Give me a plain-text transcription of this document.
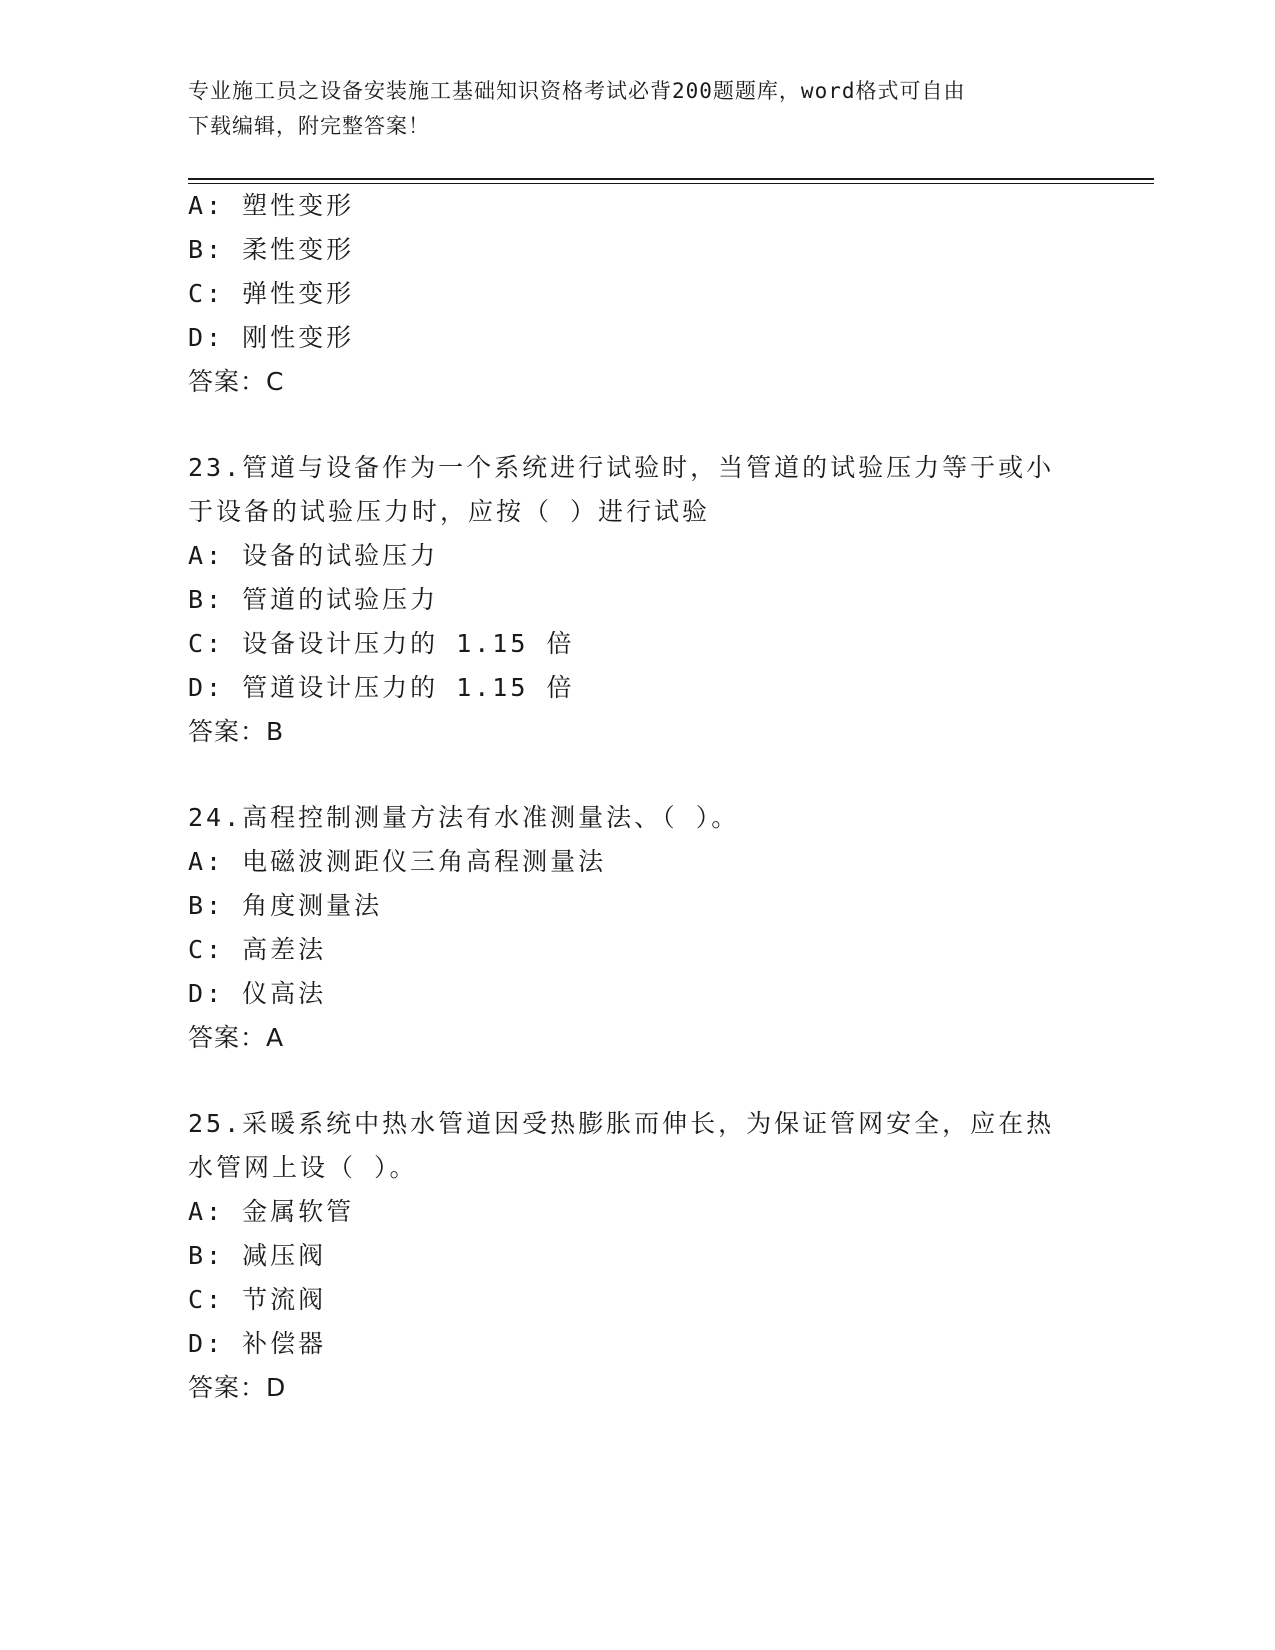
专业施工员之设备安装施工基础知识资格考试必背200题题库，word格式可自由
下载编辑，附完整答案！
A: 塑性变形
B: 柔性变形
C: 弹性变形
D: 刚性变形
答案：C
23.管道与设备作为一个系统进行试验时，当管道的试验压力等于或小
于设备的试验压力时，应按（ ）进行试验
A: 设备的试验压力
B: 管道的试验压力
C: 设备设计压力的 1.15 倍
D: 管道设计压力的 1.15 倍
答案：B
24.高程控制测量方法有水准测量法、（ ）。
A: 电磁波测距仪三角高程测量法
B: 角度测量法
C: 高差法
D: 仪高法
答案：A
25.采暖系统中热水管道因受热膨胀而伸长，为保证管网安全，应在热
水管网上设（ ）。
A: 金属软管
B: 减压阀
C: 节流阀
D: 补偿器
答案：D
